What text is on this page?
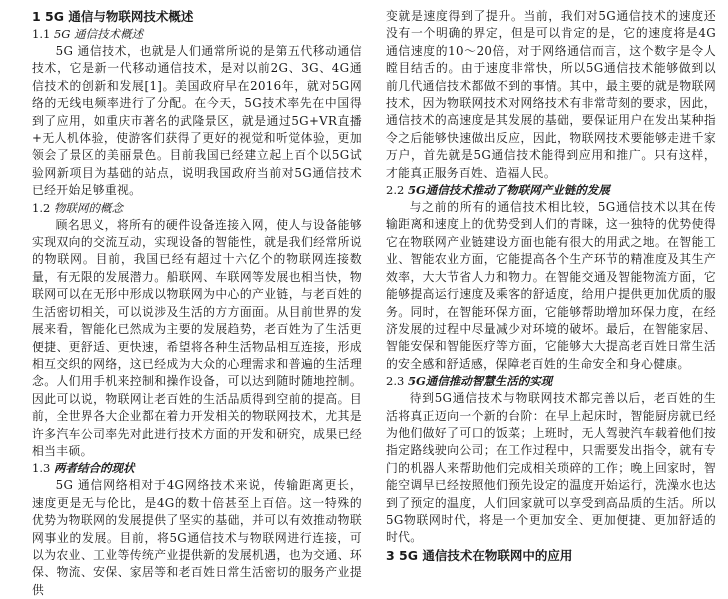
1 5G 通信与物联网技术概述
1.1 5G 通信技术概述

5G 通信技术，也就是人们通常所说的是第五代移动通信技术，它是新一代移动通信技术，是对以前2G、3G、4G通信技术的创新和发展[1]。美国政府早在2016年，就对5G网络的无线电频率进行了分配。在今天，5G技术率先在中国得到了应用，如重庆市著名的武隆景区，就是通过5G+VR直播+无人机体验，使游客们获得了更好的视觉和听觉体验，更加领会了景区的美丽景色。目前我国已经建立起上百个以5G试验网新项目为基础的站点，说明我国政府当前对5G通信技术已经开始足够重视。

1.2 物联网的概念

顾名思义，将所有的硬件设备连接入网，使人与设备能够实现双向的交流互动，实现设备的智能性，就是我们经常所说的物联网。目前，我国已经有超过十六亿个的物联网连接数量，有无限的发展潜力。船联网、车联网等发展也相当快，物联网可以在无形中形成以物联网为中心的产业链，与老百姓的生活密切相关，可以说涉及生活的方方面面。从目前世界的发展来看，智能化已然成为主要的发展趋势，老百姓为了生活更便捷、更舒适、更快速，希望将各种生活物品相互连接，形成相互交织的网络，这已经成为大众的心理需求和普遍的生活理念。人们用手机来控制和操作设备，可以达到随时随地控制。因此可以说，物联网让老百姓的生活品质得到空前的提高。目前，全世界各大企业都在着力开发相关的物联网技术，尤其是许多汽车公司率先对此进行技术方面的开发和研究，成果已经相当丰硕。

1.3 两者结合的现状

5G 通信网络相对于4G网络技术来说，传输距离更长，速度更是无与伦比，是4G的数十倍甚至上百倍。这一特殊的优势为物联网的发展提供了坚实的基础，并可以有效推动物联网事业的发展。目前，将5G通信技术与物联网进行连接，可以为农业、工业等传统产业提供新的发展机遇，也为交通、环保、物流、安保、家居等和老百姓日常生活密切的服务产业提供

变就是速度得到了提升。当前，我们对5G通信技术的速度还没有一个明确的界定，但是可以肯定的是，它的速度将是4G通信速度的10～20倍，对于网络通信而言，这个数字是令人瞠目结舌的。由于速度非常快，所以5G通信技术能够做到以前几代通信技术都做不到的事情。其中，最主要的就是物联网技术，因为物联网技术对网络技术有非常苛刻的要求，因此，通信技术的高速度是其发展的基础，要保证用户在发出某种指令之后能够快速做出反应，因此，物联网技术要能够走进千家万户，首先就是5G通信技术能得到应用和推广。只有这样，才能真正服务百姓、造福人民。

2.2 5G通信技术推动了物联网产业链的发展

与之前的所有的通信技术相比较，5G通信技术以其在传输距离和速度上的优势受到人们的青睐，这一独特的优势使得它在物联网产业链建设方面也能有很大的用武之地。在智能工业、智能农业方面，它能提高各个生产环节的精准度及其生产效率，大大节省人力和物力。在智能交通及智能物流方面，它能够提高运行速度及乘客的舒适度，给用户提供更加优质的服务。同时，在智能环保方面，它能够帮助增加环保力度，在经济发展的过程中尽量减少对环境的破坏。最后，在智能家居、智能安保和智能医疗等方面，它能够大大提高老百姓日常生活的安全感和舒适感，保障老百姓的生命安全和身心健康。

2.3 5G通信推动智慧生活的实现

待到5G通信技术与物联网技术都完善以后，老百姓的生活将真正迈向一个新的台阶：在早上起床时，智能厨房就已经为他们做好了可口的饭菜；上班时，无人驾驶汽车载着他们按指定路线驶向公司；在工作过程中，只需要发出指令，就有专门的机器人来帮助他们完成相关琐碎的工作；晚上回家时，智能空调早已经按照他们预先设定的温度开始运行，洗澡水也达到了预定的温度，人们回家就可以享受到高品质的生活。所以5G物联网时代，将是一个更加安全、更加便捷、更加舒适的时代。

3 5G 通信技术在物联网中的应用
